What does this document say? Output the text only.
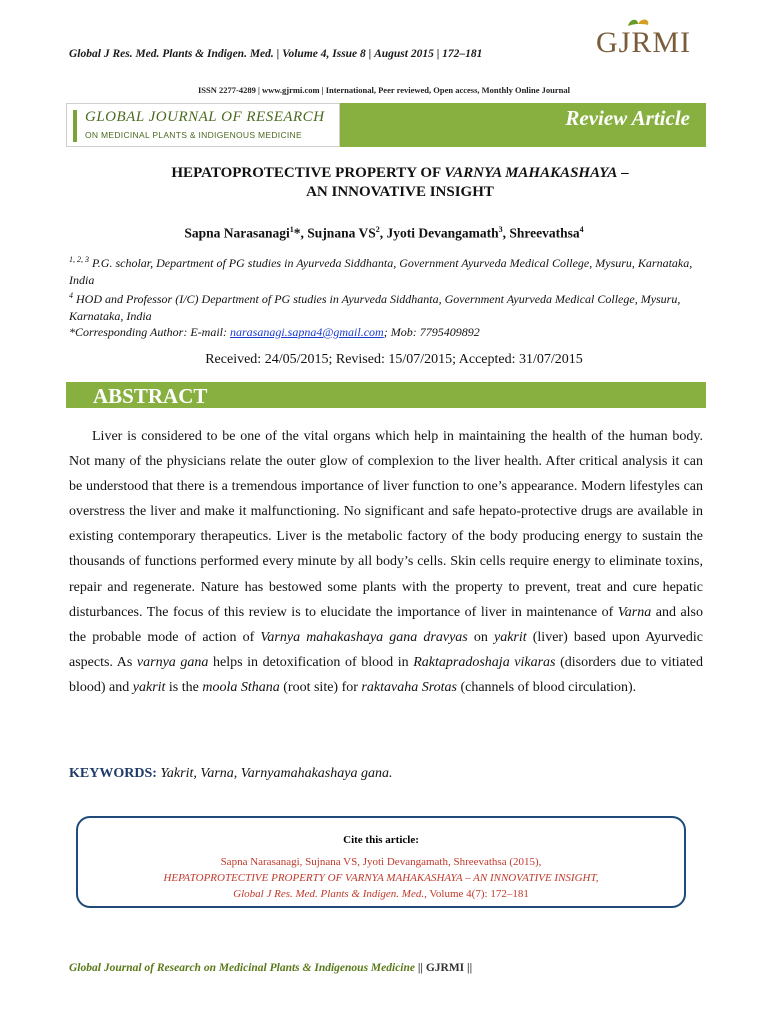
Global J Res. Med. Plants & Indigen. Med. | Volume 4, Issue 8 | August 2015 | 172–181	GJRMI
ISSN 2277-4289 | www.gjrmi.com | International, Peer reviewed, Open access, Monthly Online Journal
GLOBAL JOURNAL OF RESEARCH
ON MEDICINAL PLANTS & INDIGENOUS MEDICINE
Review Article
HEPATOPROTECTIVE PROPERTY OF VARNYA MAHAKASHAYA –
AN INNOVATIVE INSIGHT
Sapna Narasanagi$^1$*, Sujnana $VS^2$, Jyoti Devangamath$^3$, Shreevathsa$^4$
$^{1, 2, 3}$ P.G. scholar, Department of PG studies in Ayurveda Siddhanta, Government Ayurveda Medical College, Mysuru, Karnataka, India
$^4$ HOD and Professor (I/C) Department of PG studies in Ayurveda Siddhanta, Government Ayurveda Medical College, Mysuru, Karnataka, India
*Corresponding Author: E-mail: narasanagi.sapna4@gmail.com; Mob: 7795409892
Received: 24/05/2015; Revised: 15/07/2015; Accepted: 31/07/2015
ABSTRACT

Liver is considered to be one of the vital organs which help in maintaining the health of the human body. Not many of the physicians relate the outer glow of complexion to the liver health. After critical analysis it can be understood that there is a tremendous importance of liver function to one’s appearance. Modern lifestyles can overstress the liver and make it malfunctioning. No significant and safe hepato-protective drugs are available in existing contemporary therapeutics. Liver is the metabolic factory of the body producing energy to sustain the thousands of functions performed every minute by all body’s cells. Skin cells require energy to eliminate toxins, repair and regenerate. Nature has bestowed some plants with the property to prevent, treat and cure hepatic disturbances. The focus of this review is to elucidate the importance of liver in maintenance of Varna and also the probable mode of action of Varnya mahakashaya gana dravyas on yakrit (liver) based upon Ayurvedic aspects. As varnya gana helps in detoxification of blood in Raktapradoshaja vikaras (disorders due to vitiated blood) and yakrit is the moola Sthana (root site) for raktavaha Srotas (channels of blood circulation).

KEYWORDS: Yakrit, Varna, Varnyamahakashaya gana.
Cite this article:
Sapna Narasanagi, Sujnana VS, Jyoti Devangamath, Shreevathsa (2015),
HEPATOPROTECTIVE PROPERTY OF VARNYA MAHAKASHAYA – AN INNOVATIVE INSIGHT,
Global J Res. Med. Plants & Indigen. Med., Volume 4(7): 172–181
Global Journal of Research on Medicinal Plants & Indigenous Medicine || GJRMI ||
